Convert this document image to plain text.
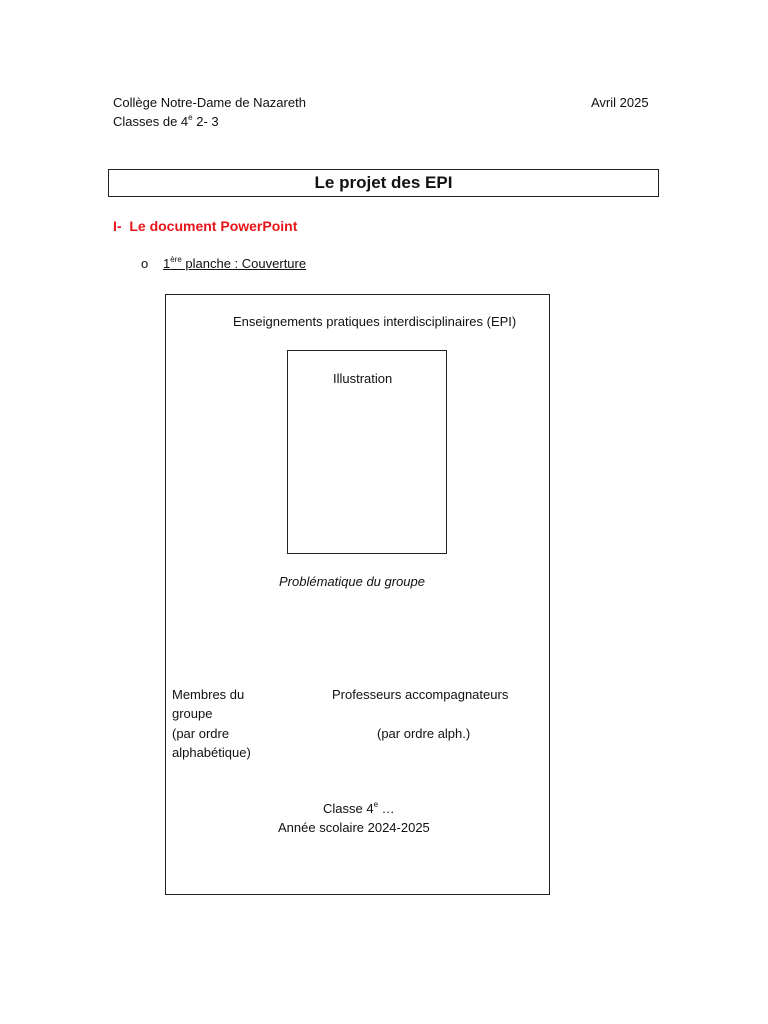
Collège Notre-Dame de Nazareth
Classes de 4e 2- 3
Avril 2025
Le projet des EPI
I- Le document PowerPoint
o 1ère planche : Couverture
Enseignements pratiques interdisciplinaires (EPI)
Illustration
Problématique du groupe
Membres du
groupe
(par ordre
alphabétique)
Professeurs accompagnateurs
(par ordre alph.)
Classe 4e …
Année scolaire 2024-2025
